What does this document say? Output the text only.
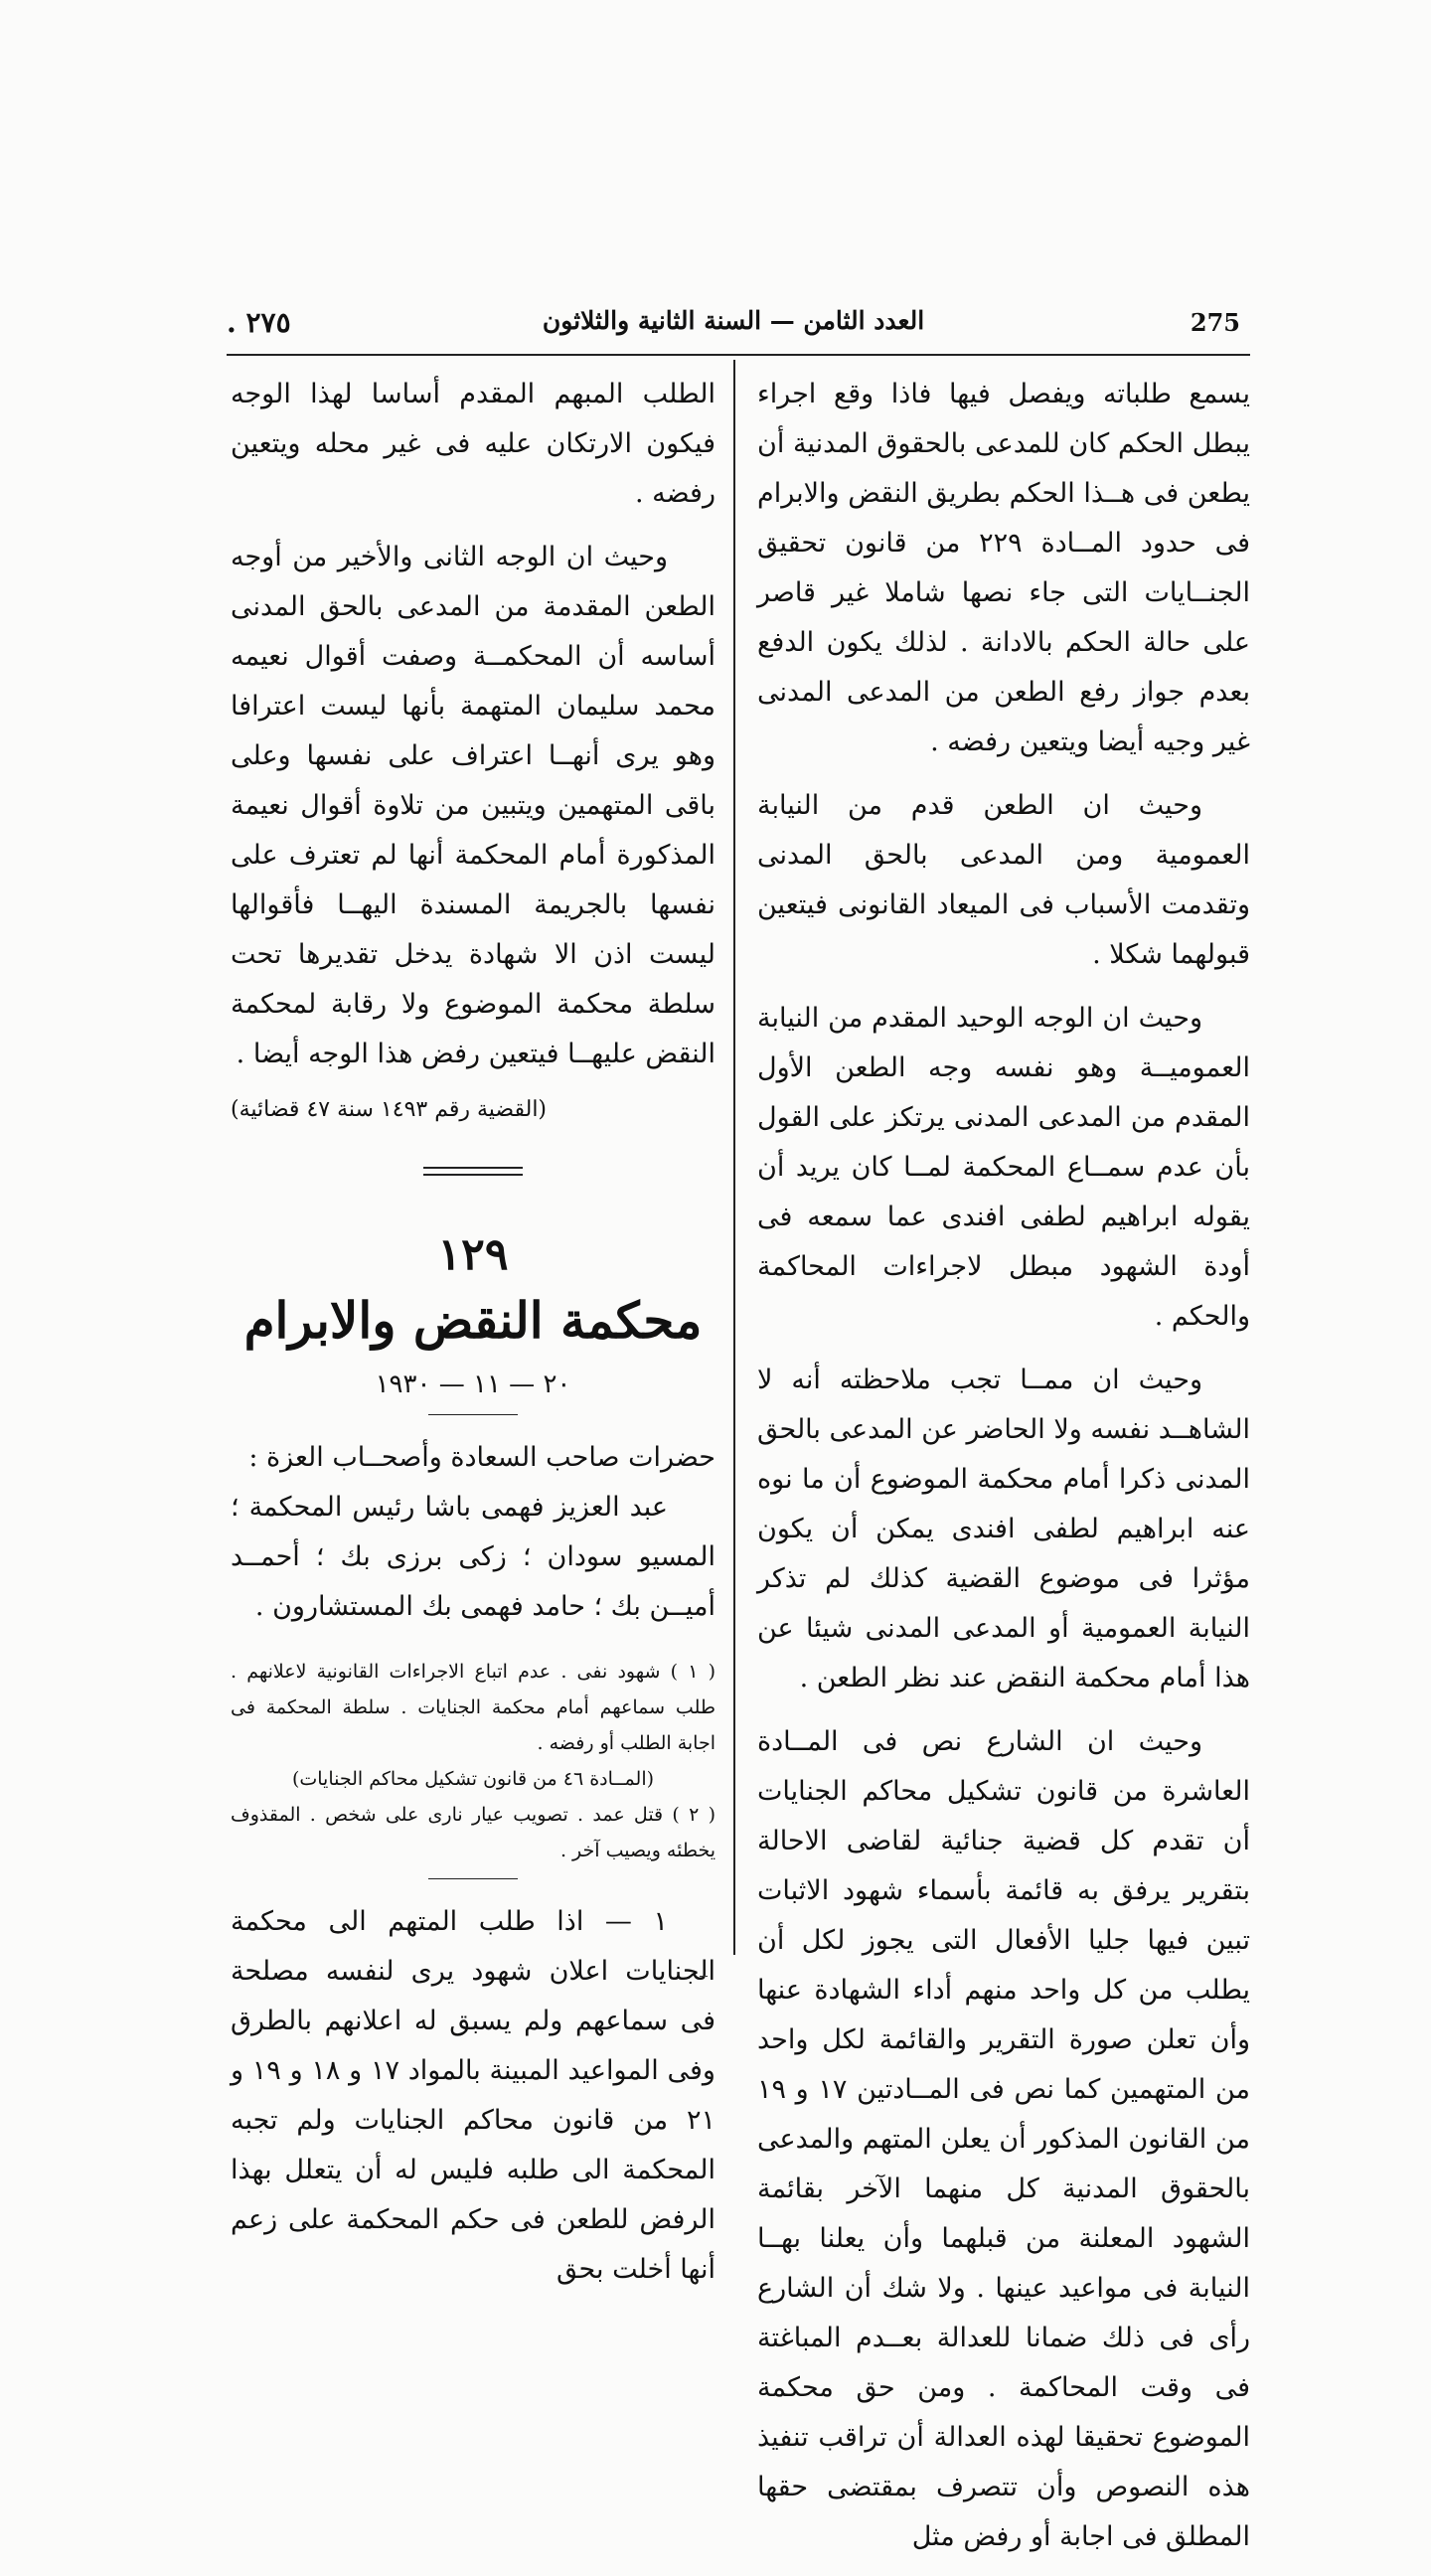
275
العدد الثامن — السنة الثانية والثلاثون
٢٧٥ .

يسمع طلباته ويفصل فيها فاذا وقع اجراء يبطل الحكم كان للمدعى بالحقوق المدنية أن يطعن فى هــذا الحكم بطريق النقض والابرام فى حدود المــادة ٢٢٩ من قانون تحقيق الجنــايات التى جاء نصها شاملا غير قاصر على حالة الحكم بالادانة . لذلك يكون الدفع بعدم جواز رفع الطعن من المدعى المدنى غير وجيه أيضا ويتعين رفضه .

وحيث ان الطعن قدم من النيابة العمومية ومن المدعى بالحق المدنى وتقدمت الأسباب فى الميعاد القانونى فيتعين قبولهما شكلا .

وحيث ان الوجه الوحيد المقدم من النيابة العموميــة وهو نفسه وجه الطعن الأول المقدم من المدعى المدنى يرتكز على القول بأن عدم سمــاع المحكمة لمــا كان يريد أن يقوله ابراهيم لطفى افندى عما سمعه فى أودة الشهود مبطل لاجراءات المحاكمة والحكم .

وحيث ان ممــا تجب ملاحظته أنه لا الشاهــد نفسه ولا الحاضر عن المدعى بالحق المدنى ذكرا أمام محكمة الموضوع أن ما نوه عنه ابراهيم لطفى افندى يمكن أن يكون مؤثرا فى موضوع القضية كذلك لم تذكر النيابة العمومية أو المدعى المدنى شيئا عن هذا أمام محكمة النقض عند نظر الطعن .

وحيث ان الشارع نص فى المــادة العاشرة من قانون تشكيل محاكم الجنايات أن تقدم كل قضية جنائية لقاضى الاحالة بتقرير يرفق به قائمة بأسماء شهود الاثبات تبين فيها جليا الأفعال التى يجوز لكل أن يطلب من كل واحد منهم أداء الشهادة عنها وأن تعلن صورة التقرير والقائمة لكل واحد من المتهمين كما نص فى المــادتين ١٧ و ١٩ من القانون المذكور أن يعلن المتهم والمدعى بالحقوق المدنية كل منهما الآخر بقائمة الشهود المعلنة من قبلهما وأن يعلنا بهــا النيابة فى مواعيد عينها . ولا شك أن الشارع رأى فى ذلك ضمانا للعدالة بعــدم المباغتة فى وقت المحاكمة . ومن حق محكمة الموضوع تحقيقا لهذه العدالة أن تراقب تنفيذ هذه النصوص وأن تتصرف بمقتضى حقها المطلق فى اجابة أو رفض مثل

الطلب المبهم المقدم أساسا لهذا الوجه فيكون الارتكان عليه فى غير محله ويتعين رفضه .

وحيث ان الوجه الثانى والأخير من أوجه الطعن المقدمة من المدعى بالحق المدنى أساسه أن المحكمــة وصفت أقوال نعيمه محمد سليمان المتهمة بأنها ليست اعترافا وهو يرى أنهــا اعتراف على نفسها وعلى باقى المتهمين ويتبين من تلاوة أقوال نعيمة المذكورة أمام المحكمة أنها لم تعترف على نفسها بالجريمة المسندة اليهــا فأقوالها ليست اذن الا شهادة يدخل تقديرها تحت سلطة محكمة الموضوع ولا رقابة لمحكمة النقض عليهــا فيتعين رفض هذا الوجه أيضا .

(القضية رقم ١٤٩٣ سنة ٤٧ قضائية)

١٢٩
محكمة النقض والابرام
٢٠ — ١١ — ١٩٣٠

حضرات صاحب السعادة وأصحــاب العزة :

عبد العزيز فهمى باشا رئيس المحكمة ؛ المسيو سودان ؛ زكى برزى بك ؛ أحمــد أميــن بك ؛ حامد فهمى بك المستشارون .

( ١ ) شهود نفى . عدم اتباع الاجراءات القانونية لاعلانهم . طلب سماعهم أمام محكمة الجنايات . سلطة المحكمة فى اجابة الطلب أو رفضه .

(المــادة ٤٦ من قانون تشكيل محاكم الجنايات)

( ٢ ) قتل عمد . تصويب عيار نارى على شخص . المقذوف يخطئه ويصيب آخر .

١ — اذا طلب المتهم الى محكمة الجنايات اعلان شهود يرى لنفسه مصلحة فى سماعهم ولم يسبق له اعلانهم بالطرق وفى المواعيد المبينة بالمواد ١٧ و ١٨ و ١٩ و ٢١ من قانون محاكم الجنايات ولم تجبه المحكمة الى طلبه فليس له أن يتعلل بهذا الرفض للطعن فى حكم المحكمة على زعم أنها أخلت بحق
